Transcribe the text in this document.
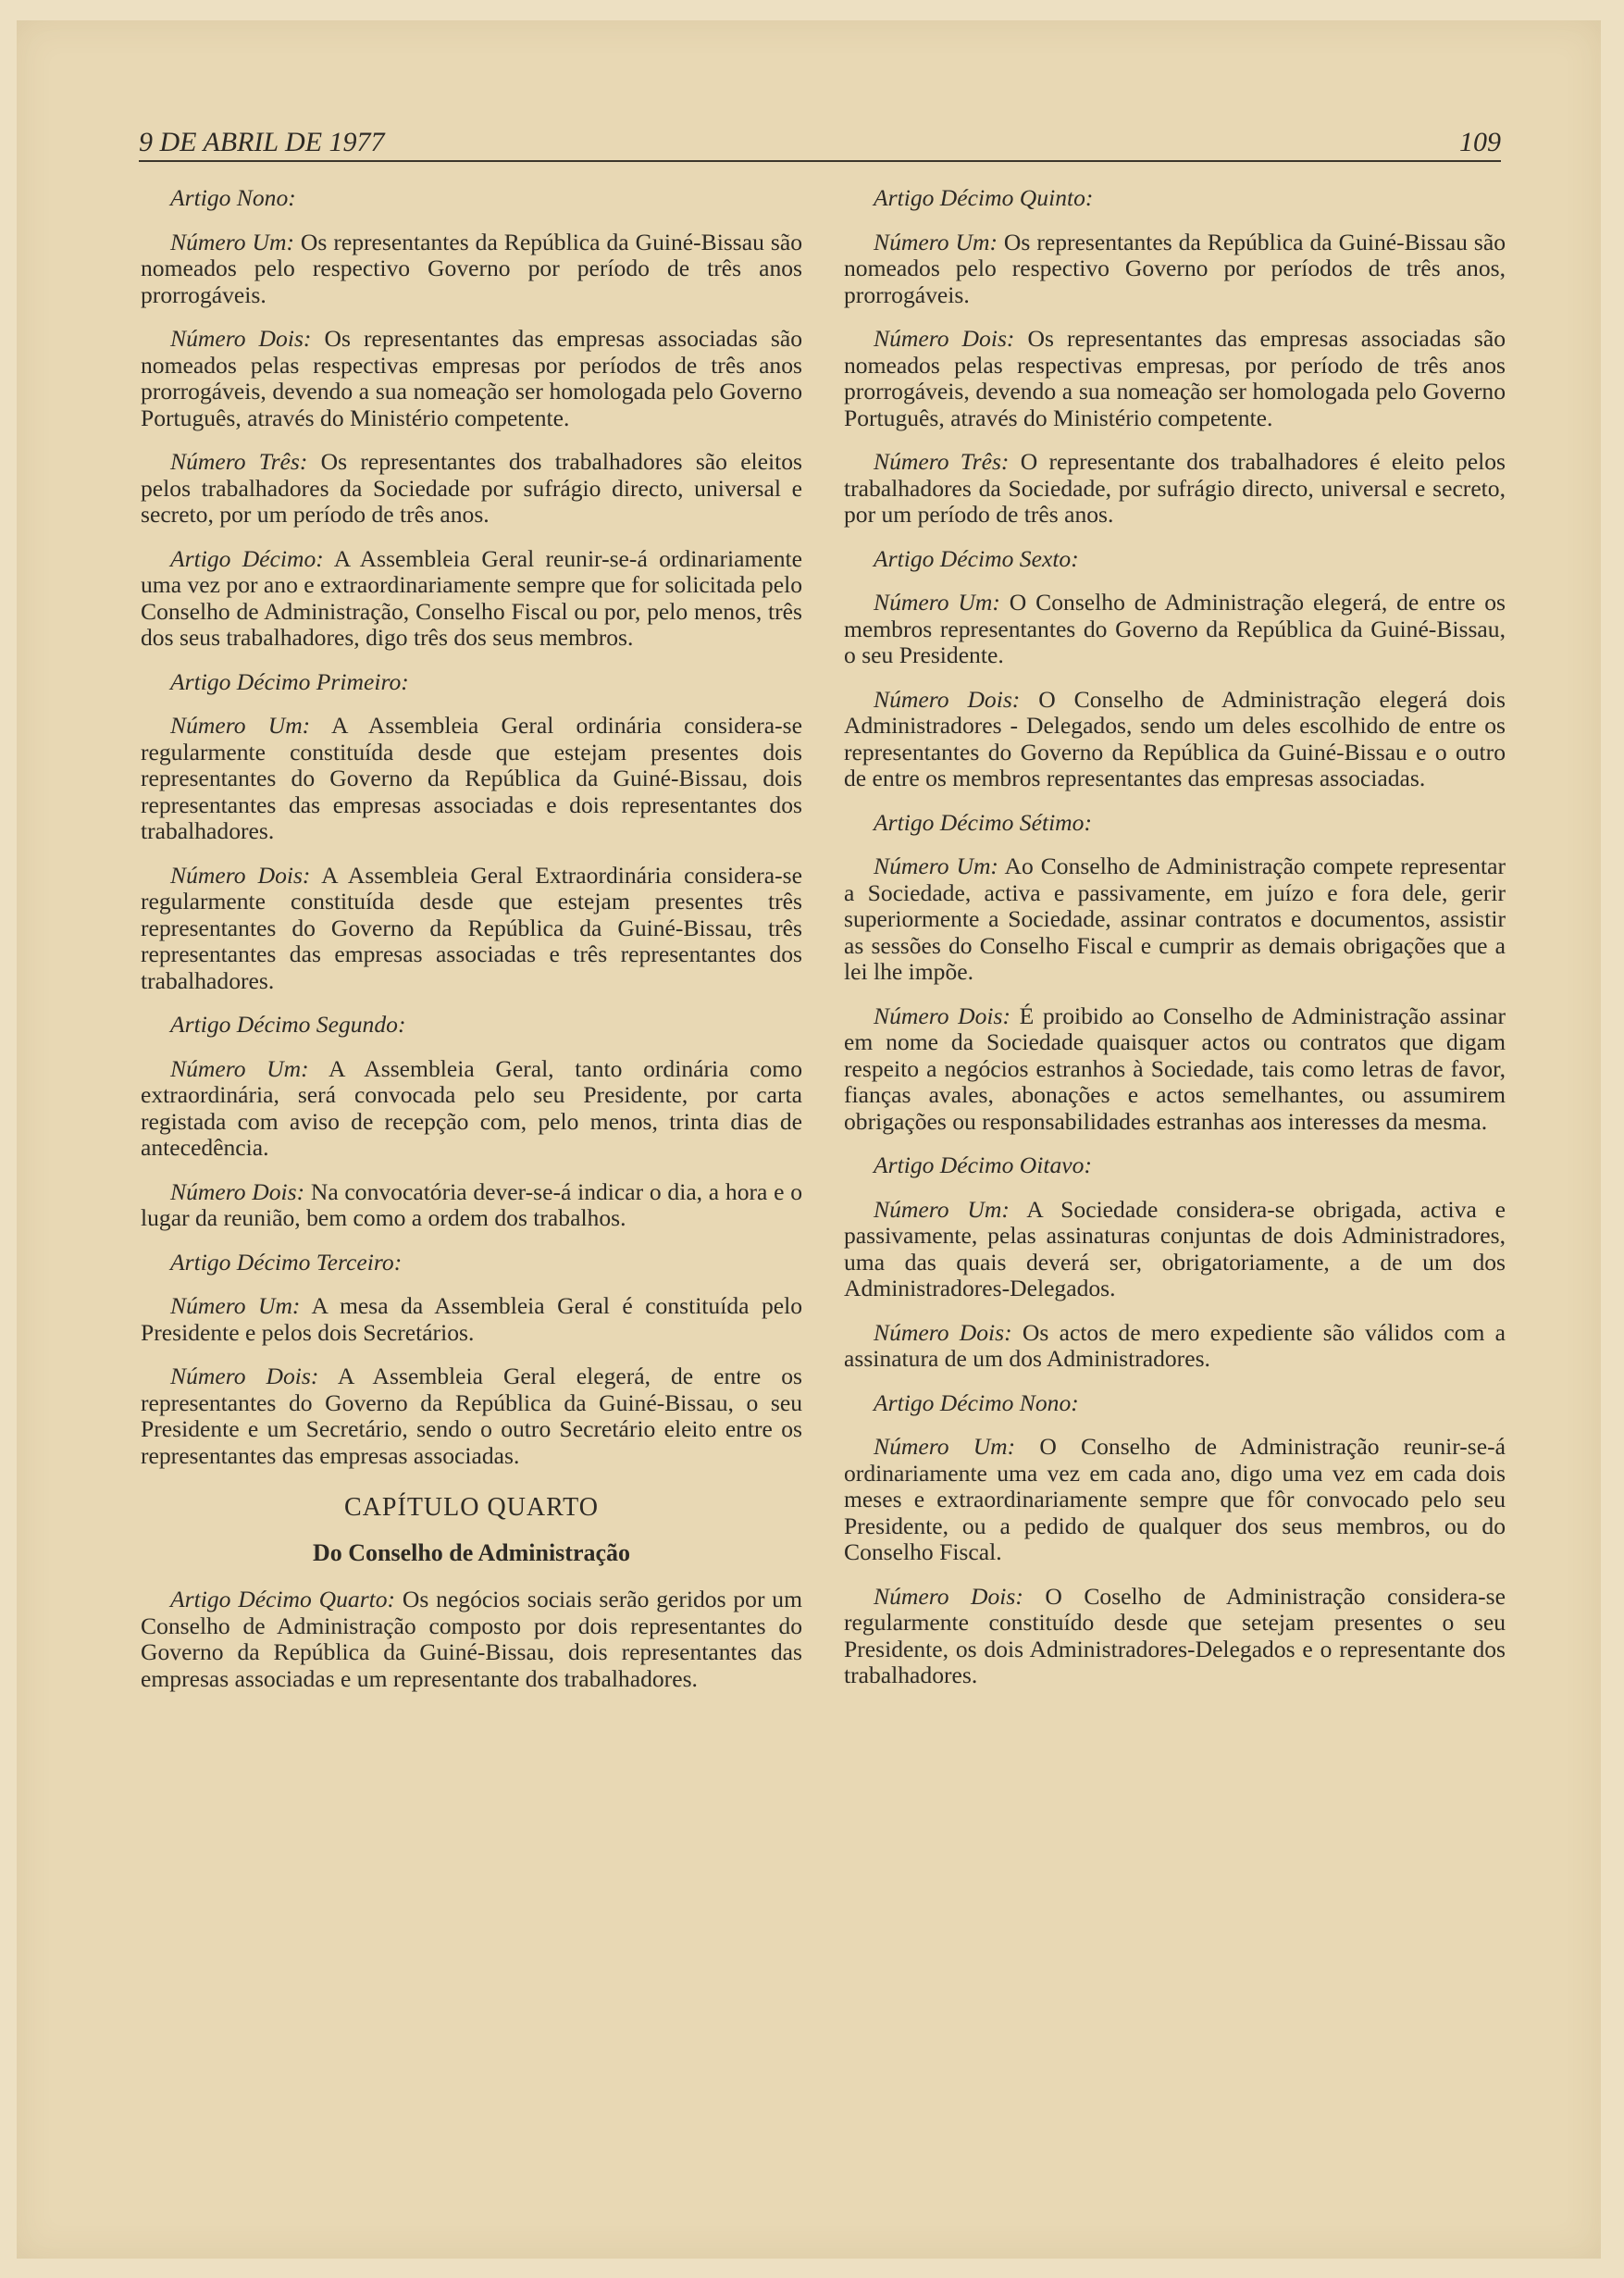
9 DE ABRIL DE 1977	109
Artigo Nono:

Número Um: Os representantes da República da Guiné-Bissau são nomeados pelo respectivo Governo por período de três anos prorrogáveis.

Número Dois: Os representantes das empresas associadas são nomeados pelas respectivas empresas por períodos de três anos prorrogáveis, devendo a sua nomeação ser homologada pelo Governo Português, através do Ministério competente.

Número Três: Os representantes dos trabalhadores são eleitos pelos trabalhadores da Sociedade por sufrágio directo, universal e secreto, por um período de três anos.

Artigo Décimo: A Assembleia Geral reunir-se-á ordinariamente uma vez por ano e extraordinariamente sempre que for solicitada pelo Conselho de Administração, Conselho Fiscal ou por, pelo menos, três dos seus trabalhadores, digo três dos seus membros.

Artigo Décimo Primeiro:

Número Um: A Assembleia Geral ordinária considera-se regularmente constituída desde que estejam presentes dois representantes do Governo da República da Guiné-Bissau, dois representantes das empresas associadas e dois representantes dos trabalhadores.

Número Dois: A Assembleia Geral Extraordinária considera-se regularmente constituída desde que estejam presentes três representantes do Governo da República da Guiné-Bissau, três representantes das empresas associadas e três representantes dos trabalhadores.

Artigo Décimo Segundo:

Número Um: A Assembleia Geral, tanto ordinária como extraordinária, será convocada pelo seu Presidente, por carta registada com aviso de recepção com, pelo menos, trinta dias de antecedência.

Número Dois: Na convocatória dever-se-á indicar o dia, a hora e o lugar da reunião, bem como a ordem dos trabalhos.

Artigo Décimo Terceiro:

Número Um: A mesa da Assembleia Geral é constituída pelo Presidente e pelos dois Secretários.

Número Dois: A Assembleia Geral elegerá, de entre os representantes do Governo da República da Guiné-Bissau, o seu Presidente e um Secretário, sendo o outro Secretário eleito entre os representantes das empresas associadas.

CAPÍTULO QUARTO
Do Conselho de Administração

Artigo Décimo Quarto: Os negócios sociais serão geridos por um Conselho de Administração composto por dois representantes do Governo da República da Guiné-Bissau, dois representantes das empresas associadas e um representante dos trabalhadores.

Artigo Décimo Quinto:

Número Um: Os representantes da República da Guiné-Bissau são nomeados pelo respectivo Governo por períodos de três anos, prorrogáveis.

Número Dois: Os representantes das empresas associadas são nomeados pelas respectivas empresas, por período de três anos prorrogáveis, devendo a sua nomeação ser homologada pelo Governo Português, através do Ministério competente.

Número Três: O representante dos trabalhadores é eleito pelos trabalhadores da Sociedade, por sufrágio directo, universal e secreto, por um período de três anos.

Artigo Décimo Sexto:

Número Um: O Conselho de Administração elegerá, de entre os membros representantes do Governo da República da Guiné-Bissau, o seu Presidente.

Número Dois: O Conselho de Administração elegerá dois Administradores - Delegados, sendo um deles escolhido de entre os representantes do Governo da República da Guiné-Bissau e o outro de entre os membros representantes das empresas associadas.

Artigo Décimo Sétimo:

Número Um: Ao Conselho de Administração compete representar a Sociedade, activa e passivamente, em juízo e fora dele, gerir superiormente a Sociedade, assinar contratos e documentos, assistir as sessões do Conselho Fiscal e cumprir as demais obrigações que a lei lhe impõe.

Número Dois: É proibido ao Conselho de Administração assinar em nome da Sociedade quaisquer actos ou contratos que digam respeito a negócios estranhos à Sociedade, tais como letras de favor, fianças avales, abonações e actos semelhantes, ou assumirem obrigações ou responsabilidades estranhas aos interesses da mesma.

Artigo Décimo Oitavo:

Número Um: A Sociedade considera-se obrigada, activa e passivamente, pelas assinaturas conjuntas de dois Administradores, uma das quais deverá ser, obrigatoriamente, a de um dos Administradores-Delegados.

Número Dois: Os actos de mero expediente são válidos com a assinatura de um dos Administradores.

Artigo Décimo Nono:

Número Um: O Conselho de Administração reunir-se-á ordinariamente uma vez em cada ano, digo uma vez em cada dois meses e extraordinariamente sempre que fôr convocado pelo seu Presidente, ou a pedido de qualquer dos seus membros, ou do Conselho Fiscal.

Número Dois: O Coselho de Administração considera-se regularmente constituído desde que setejam presentes o seu Presidente, os dois Administradores-Delegados e o representante dos trabalhadores.
